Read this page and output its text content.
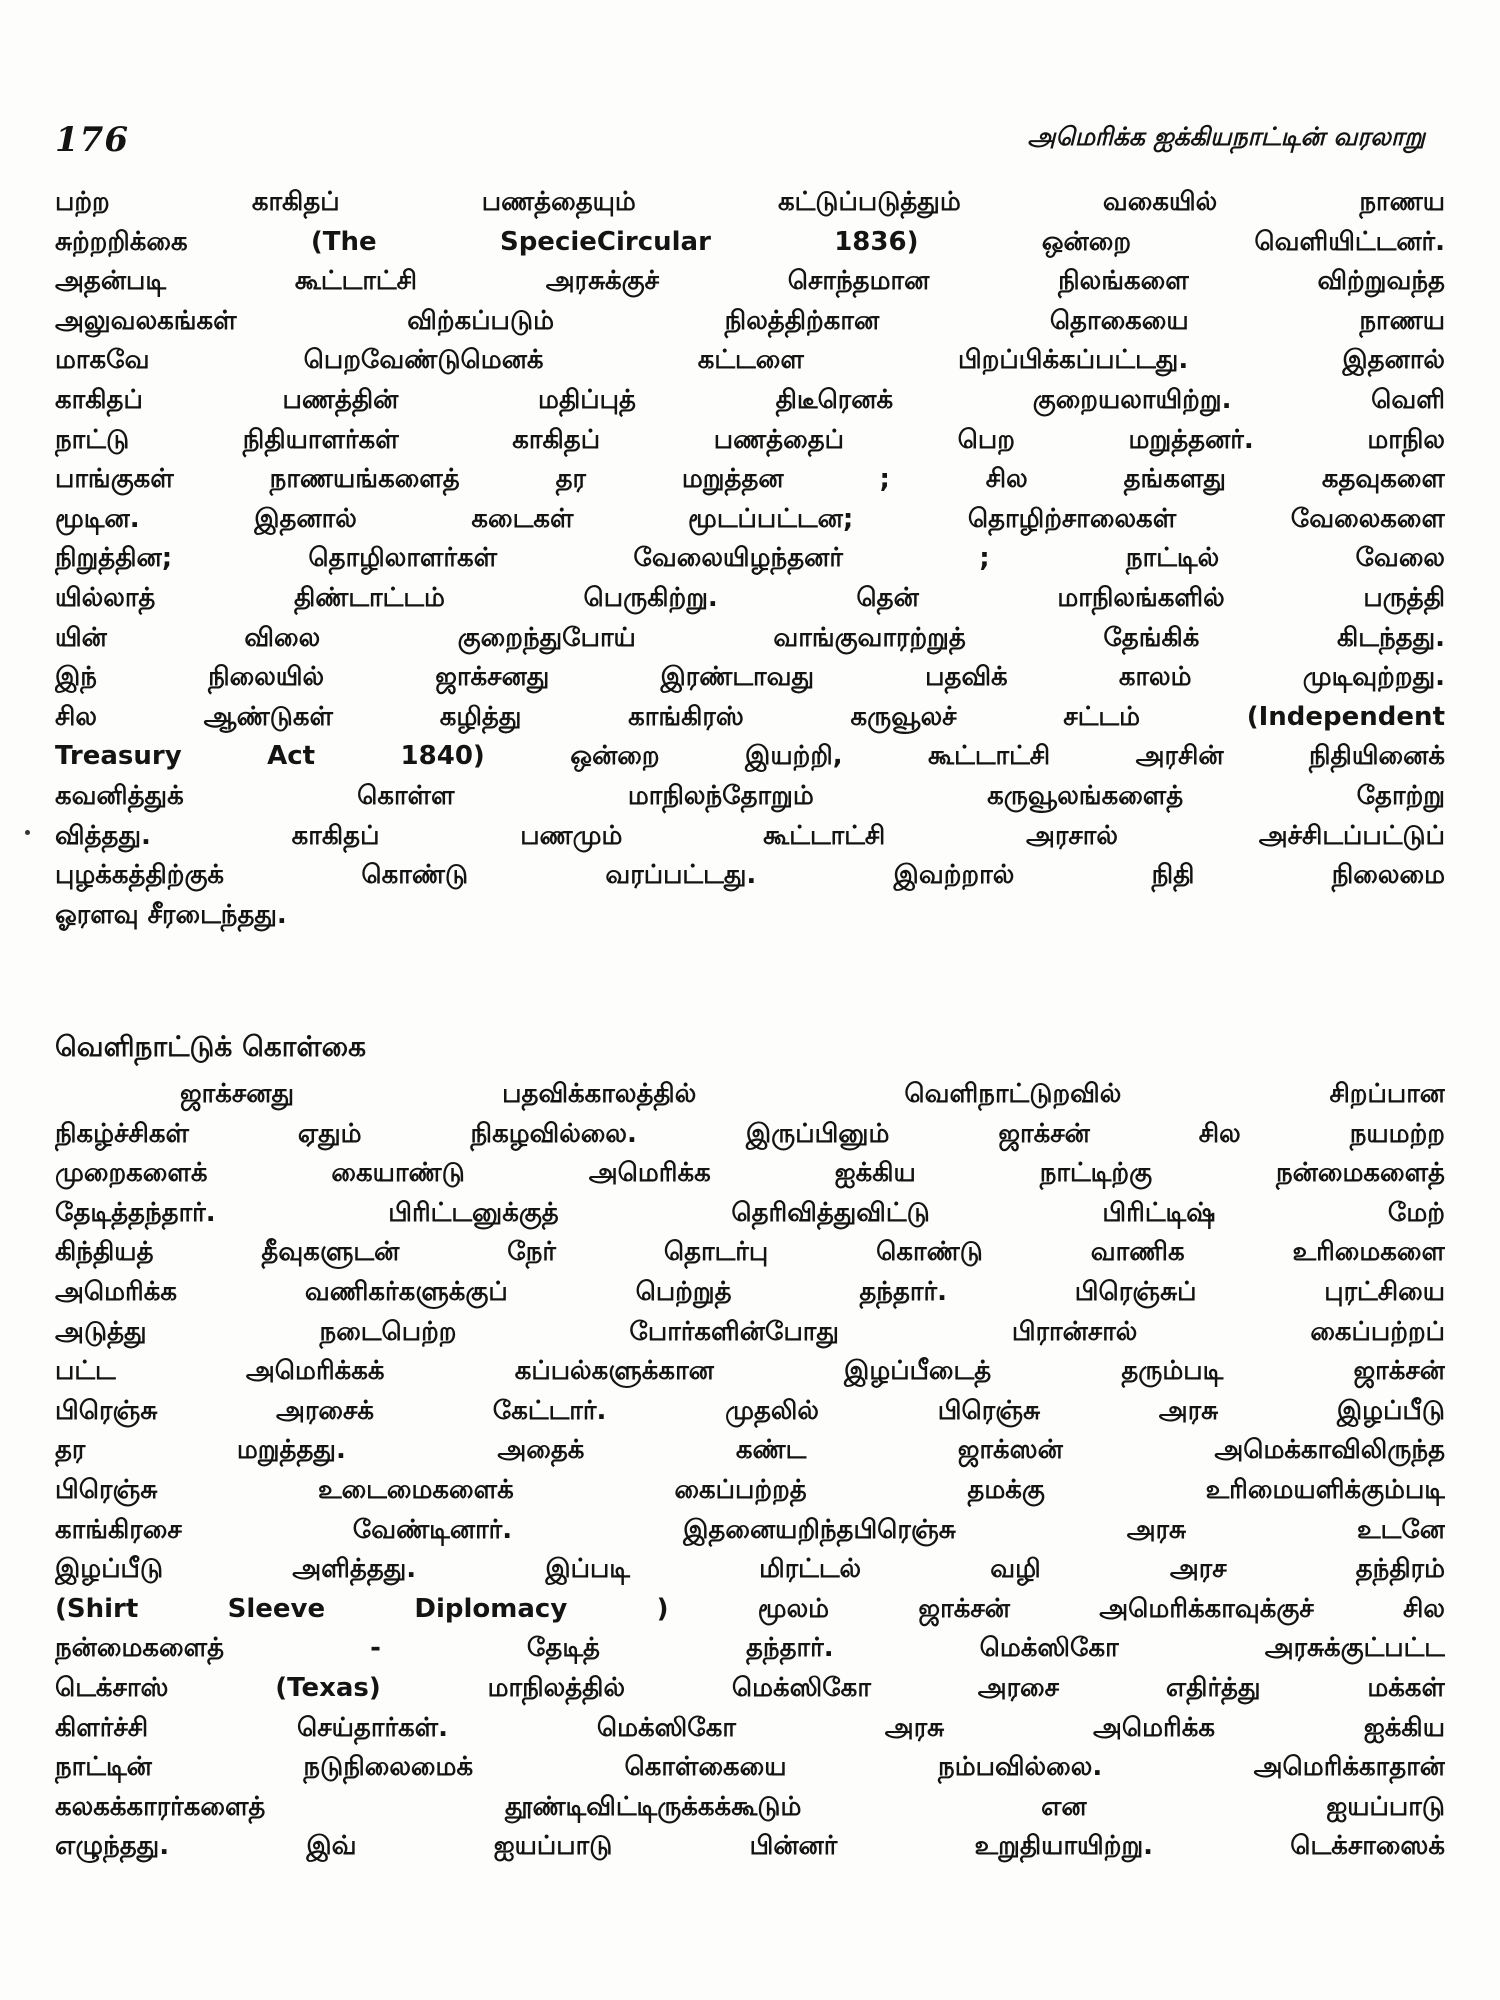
176	அமெரிக்க ஐக்கியநாட்டின் வரலாறு

பற்ற காகிதப் பணத்தையும் கட்டுப்படுத்தும் வகையில் நாணய
சுற்றறிக்கை (The SpecieCircular 1836) ஒன்றை வெளியிட்டனர்.
அதன்படி கூட்டாட்சி அரசுக்குச் சொந்தமான நிலங்களை விற்றுவந்த
அலுவலகங்கள் விற்கப்படும் நிலத்திற்கான தொகையை நாணய
மாகவே பெறவேண்டுமெனக் கட்டளை பிறப்பிக்கப்பட்டது. இதனால்
காகிதப் பணத்தின் மதிப்புத் திடீரெனக் குறையலாயிற்று. வெளி
நாட்டு நிதியாளர்கள் காகிதப் பணத்தைப் பெற மறுத்தனர். மாநில
பாங்குகள் நாணயங்களைத் தர மறுத்தன ; சில தங்களது கதவுகளை
மூடின. இதனால் கடைகள் மூடப்பட்டன; தொழிற்சாலைகள் வேலைகளை
நிறுத்தின; தொழிலாளர்கள் வேலையிழந்தனர் ; நாட்டில் வேலை
யில்லாத் திண்டாட்டம் பெருகிற்று. தென் மாநிலங்களில் பருத்தி
யின் விலை குறைந்துபோய் வாங்குவாரற்றுத் தேங்கிக் கிடந்தது.
இந் நிலையில் ஜாக்சனது இரண்டாவது பதவிக் காலம் முடிவுற்றது.
சில ஆண்டுகள் கழித்து காங்கிரஸ் கருவூலச் சட்டம் (Independent
Treasury Act 1840) ஒன்றை இயற்றி, கூட்டாட்சி அரசின் நிதியினைக்
கவனித்துக் கொள்ள மாநிலந்தோறும் கருவூலங்களைத் தோற்று
வித்தது. காகிதப் பணமும் கூட்டாட்சி அரசால் அச்சிடப்பட்டுப்
புழக்கத்திற்குக் கொண்டு வரப்பட்டது. இவற்றால் நிதி நிலைமை
ஓரளவு சீரடைந்தது.

வெளிநாட்டுக் கொள்கை

ஜாக்சனது பதவிக்காலத்தில் வெளிநாட்டுறவில் சிறப்பான
நிகழ்ச்சிகள் ஏதும் நிகழவில்லை. இருப்பினும் ஜாக்சன் சில நயமற்ற
முறைகளைக் கையாண்டு அமெரிக்க ஐக்கிய நாட்டிற்கு நன்மைகளைத்
தேடித்தந்தார். பிரிட்டனுக்குத் தெரிவித்துவிட்டு பிரிட்டிஷ் மேற்
கிந்தியத் தீவுகளுடன் நேர் தொடர்பு கொண்டு வாணிக உரிமைகளை
அமெரிக்க வணிகர்களுக்குப் பெற்றுத் தந்தார். பிரெஞ்சுப் புரட்சியை
அடுத்து நடைபெற்ற போர்களின்போது பிரான்சால் கைப்பற்றப்
பட்ட அமெரிக்கக் கப்பல்களுக்கான இழப்பீடைத் தரும்படி ஜாக்சன்
பிரெஞ்சு அரசைக் கேட்டார். முதலில் பிரெஞ்சு அரசு இழப்பீடு
தர மறுத்தது. அதைக் கண்ட ஜாக்ஸன் அமெக்காவிலிருந்த
பிரெஞ்சு உடைமைகளைக் கைப்பற்றத் தமக்கு உரிமையளிக்கும்படி
காங்கிரசை வேண்டினார். இதனையறிந்தபிரெஞ்சு அரசு உடனே
இழப்பீடு அளித்தது. இப்படி மிரட்டல் வழி அரச தந்திரம்
(Shirt Sleeve Diplomacy ) மூலம் ஜாக்சன் அமெரிக்காவுக்குச் சில
நன்மைகளைத் - தேடித் தந்தார். மெக்ஸிகோ அரசுக்குட்பட்ட
டெக்சாஸ் (Texas) மாநிலத்தில் மெக்ஸிகோ அரசை எதிர்த்து மக்கள்
கிளர்ச்சி செய்தார்கள். மெக்ஸிகோ அரசு அமெரிக்க ஐக்கிய
நாட்டின் நடுநிலைமைக் கொள்கையை நம்பவில்லை. அமெரிக்காதான்
கலகக்காரர்களைத் தூண்டிவிட்டிருக்கக்கூடும் என ஐயப்பாடு
எழுந்தது. இவ் ஐயப்பாடு பின்னர் உறுதியாயிற்று. டெக்சாஸைக்
